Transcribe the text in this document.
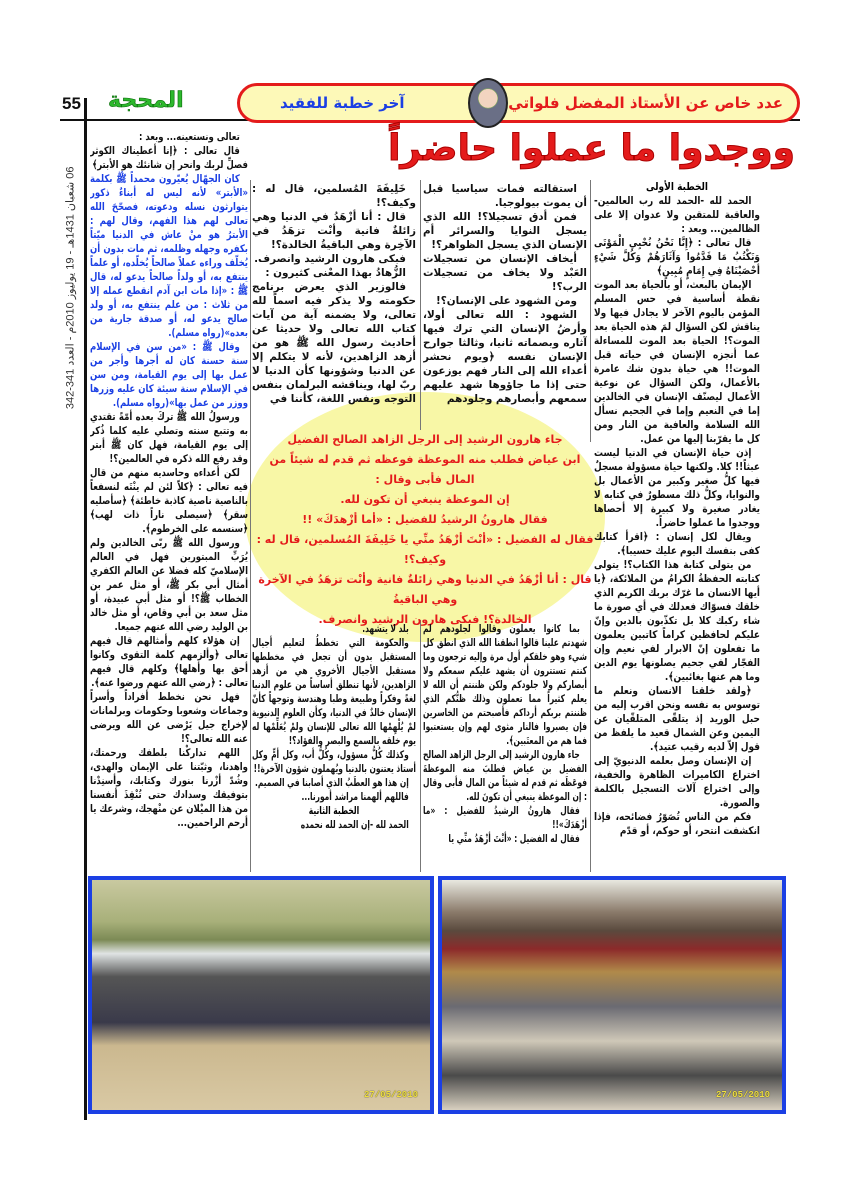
55 المحجة
06 شعبان 1431هـ - 19 يوليوز 2010م - العدد 341-342
عدد خاص عن الأستاذ المفضل فلواتي
آخر خطبة للفقيد
ووجدوا ما عملوا حاضراً
الخطبة الأولى

الحمد لله -الحمد لله رب العالمين- والعاقبة للمتقين ولا عدوان إلا على الظالمين... وبعد :

قال تعالى : ﴿إِنَّا نَحْنُ نُحْيِي الْمَوْتَى وَنَكْتُبُ مَا قَدَّمُوا وَآثَارَهُمْ وَكُلَّ شَيْءٍ أحْصَيْنَاهُ فِي إِمَامٍ مُبِينٍ﴾

الإيمان بالبعث، أو بالحياة بعد الموت نقطة أساسية في حس المسلم المؤمن باليوم الآخر لا يجادل فيها ولا يناقش لكن السؤال لمَ هذه الحياة بعد الموت؟! الحياة بعد الموت للمساءلة عما أنجزه الإنسان في حياته قبل الموت!! هي حياة بدون شك عامرة بالأعمال، ولكن السؤال عن نوعية الأعمال ليصنّف الإنسان في الخالدين إما في النعيم وإما في الجحيم نسأل الله السلامة والعافية من النار ومن كل ما يقرّبنا إليها من عمل.

إذن حياة الإنسان في الدنيا ليست عبثاً!! كلا. ولكنها حياة مسؤولة مسجلٌ فيها كلُّ صغير وكبير من الأعمال بل والنوايا، وكلُّ ذلك مسطورٌ في كتابه لا يغادر صغيرة ولا كبيرة إلا أحصاها ووجدوا ما عملوا حاضراً.

ويقال لكل إنسان : ﴿اقرأ كتابك كفى بنفسك اليوم عليك حسيبا﴾.

من يتولى كتابة هذا الكتاب؟! يتولى كتابته الحفظةُ الكرامُ من الملائكة، ﴿يا أيها الانسان ما غرّك بربك الكريم الذي خلقك فسوّاك فعدلك في أي صورة ما شاء ركبك كلا بل تكذّبون بالدين وإنّ عليكم لحافظين كراماً كاتبين يعلمون ما تفعلون إنّ الابرار لفي نعيم وإن الفجّار لفي جحيم يصلونها يوم الدين وما هم عنها بغائبين﴾.

﴿ولقد خلقنا الانسان ونعلم ما توسوس به نفسه ونحن اقرب إليه من حبل الوريد إذ يتلقّى المتلقّيان عن اليمين وعن الشمال قعيد ما يلفظ من قول إلاّ لديه رقيب عتيد﴾.

إن الإنسان وصل بعلمه الدنيويّ إلى اختراع الكاميرات الظاهرة والخفية، وإلى اختراع آلات التسجيل بالكلمة والصورة.

فكم من الناس تُصَوّرُ فضائحه، فإذا انكشفت انتحر، أو حوكم، أو قدّم

استقالته فمات سياسيا قبل أن يموت بيولوجيا.

فمن أدق تسجيلا؟! الله الذي يسجل النوايا والسرائر أم الإنسان الذي يسجل الظواهر؟!

أيخاف الإنسان من تسجيلات العَبْد ولا يخاف من تسجيلات الرب؟!

ومن الشهود على الإنسان؟!

الشهود : الله تعالى أولا، وأرضُ الإنسان التي ترك فيها آثاره وبصماته ثانيا، وثالثا جوارح الإنسان نفسه ﴿ويوم نحشر أعداء الله إلى النار فهم يوزعون حتى إذا ما جاؤوها شهد عليهم سمعهم وأبصارهم وجلودهم

خَلِيفَةَ المُسلمين، قال له : وكيف؟!

قال : أنا أزْهَدُ في الدنيا وهي زائلةٌ فانية وأنْت تزهَدُ في الآخِرة وهي الباقيةُ الخالدة؟!

فبكى هارون الرشيد وانصرف.

الزُّهادُ بهذا المعْنى كثيرون :

فالوزير الذي يعرض برنامج حكومته ولا يذكر فيه اسماً لله تعالى، ولا يضمنه آية من آيات كتاب الله تعالى ولا حديثا عن أحاديث رسول الله ﷺ هو من أزهد الزاهدين، لأنه لا يتكلم إلا عن الدنيا وشؤونها كأن الدنيا لا ربّ لها، ويناقشه البرلمان بنفس التوجه ونفس اللغة، كأننا في

جاء هارون الرشيد إلى الرجل الزاهد الصالح الفضيل
ابن عياض فطلب منه الموعظة فوعظه ثم قدم له شيئاً من المال فأبى وقال :
إن الموعظة ينبغي أن تكون لله.
فقال هارونُ الرشيدُ للفضيل : «أما أزْهدَكَ» !!
فقال له الفضيل : «أنْتَ أزْهَدُ منِّي يا خَلِيفَةَ المُسلمين، قال له : وكيف؟!
قال : أنا أزْهَدُ في الدنيا وهي زائلةٌ فانية وأنْت تزهَدُ في الآخرة وهي الباقيةُ
الخالدة؟! فبكى هارون الرشيد وانصرف.

بما كانوا يعملون وقالوا لجلودهم لم شهدتم علينا قالوا انطقنا الله الذي انطق كل شيء وهو خلقكم أول مرة وإليه ترجعون وما كنتم تستترون أن يشهد عليكم سمعكم ولا أبصاركم ولا جلودكم ولكن ظننتم أن الله لا يعلم كثيراً مما تعملون وذلك ظنُّكم الذي ظننتم بربكم أرداكم فأصبحتم من الخاسرين فإن يصبروا فالنار مثوى لهم وإن يستعتبوا فما هم من المعتَبين﴾.

جاء هارون الرشيد إلى الرجل الزاهد الصالح الفضيل بن عياض فطلبَ منه الموعظةَ فوعَظَه ثم قدم له شيئاً من المال فأبى وقال : إن الموعظة ينبغي أن تكونَ لله.

فقال هارونُ الرشيدُ للفضيل : «ما أزْهَدَكَ»!!

فقال له الفضيل : «أنْتَ أزْهَدُ منِّي يا

بلد لا يتشهد.

والحكومة التي تخططُ لتعليم أجيال المستقبل بدون أن تجعل في مخططها مستقبل الأجيال الأخروي هي من أزهد الزاهدين، لأنها تنطلق أساساً من علوم الدنيا لغةً وفكراً وطبيعة وطبا وهندسة وتوجهاً كأنّ الإنسان خالدٌ في الدنيا، وكأن العلوم الدنيوية لمْ يُلْهِمْها الله تعالى للإنسان ولمْ يُعَلِّمْها له يوم خلقه بالسمع والبصر والفؤاد؟!

وكذلك كُلُّ مسؤول، وكُلُّ أب، وكل أمٍّ وكل أستاذ يعتنون بالدنيا ويُهملون شؤون الآخرة!!

إن هذا هو العطَبُ الذي أصابنا في الصميم.

فاللهم ألهمنا مراشد أمورنا...

الخطبة الثانية

الحمد لله -إن الحمد لله نحمده

تعالى ونستعينه... وبعد :

قال تعالى : ﴿إنا أعطيناك الكوثر فصلِّ لربك وانحر إن شانئك هو الأبتر﴾

كان الجهّال يُعيّرون محمداً ﷺ بكلمة «الأبتر» لأنه ليس له أبناءٌ ذكور يتوارثون نسله ودعوته، فصحّحَ الله تعالى لهم هذا الفهم، وقال لهم : الأبترُ هو منْ عاش في الدنيا ميّتاً بكفره وجهله وظلمه، ثم مات بدون أن يُخلّف وراءه عملاً صالحاً يُخلّده، أو علماً ينتفع به، أو ولداً صالحاً يدعو له، قال ﷺ : «إذا مات ابن آدم انقطع عمله إلا من ثلاث : من علم ينتفع به، أو ولد صالح يدعو له، أو صدقة جارية من بعده»(رواه مسلم).

وقال ﷺ : «من سن في الإسلام سنة حسنة كان له أجرها وأجر من عمل بها إلى يوم القيامة، ومن سن في الإسلام سنة سيئة كان عليه وزرها ووزر من عمل بها»(رواه مسلم).

ورسولُ الله ﷺ تركَ بعده أمّةً تقتدي به وتتبع سنته وتصلي عليه كلما ذُكر إلى يوم القيامة، فهل كان ﷺ أبتر وقد رفع الله ذكره في العالمين؟!

لكن أعداءه وحاسديه منهم من قال فيه تعالى : ﴿كلاّ لئن لم ينْتَه لنسفعاً بالناصية ناصية كاذبة خاطئة﴾ ﴿سأصليه سقر﴾ ﴿سيصلى ناراً ذات لهب﴾ ﴿سنسمه على الخرطوم﴾.

ورسول الله ﷺ ربّى الخالدين ولم يُرَبِّ المبتورين فهل في العالم الإسلاميّ كله فضلا عن العالم الكفري أمثال أبي بكر ﷺ، أو مثل عمر بن الخطاب ﷺ؟! أو مثل أبي عبيدة، أو مثل سعد بن أبي وقاص، أو مثل خالد بن الوليد رضي الله عنهم جميعا.

إن هؤلاء كلهم وأمثالهم قال فيهم تعالى ﴿وألزمهم كلمة التقوى وكانوا أحق بها وأهلها﴾ وكلهم قال فيهم تعالى : ﴿رضي الله عنهم ورضوا عنه﴾.

فهل نحن نخطط أفراداً وأسراً وجماعات وشعوبا وحكومات وبرلمانات لإخراج جيل يَرْضى عن الله ويرضى عنه الله تعالى؟!

اللهم تداركْنا بلطفك ورحمتك، واهدنا، وثبّتنا على الإيمان والهدى، وشُدّ أزْرنا بنورك وكتابك، وأسنِدْنا بتوفيقك وسدادك حتى تُنْقِذَ أنفسنا من هذا الميْلان عن منْهجك، وشرعك يا أرحم الراحمين...

27/05/2010	27/05/2010
